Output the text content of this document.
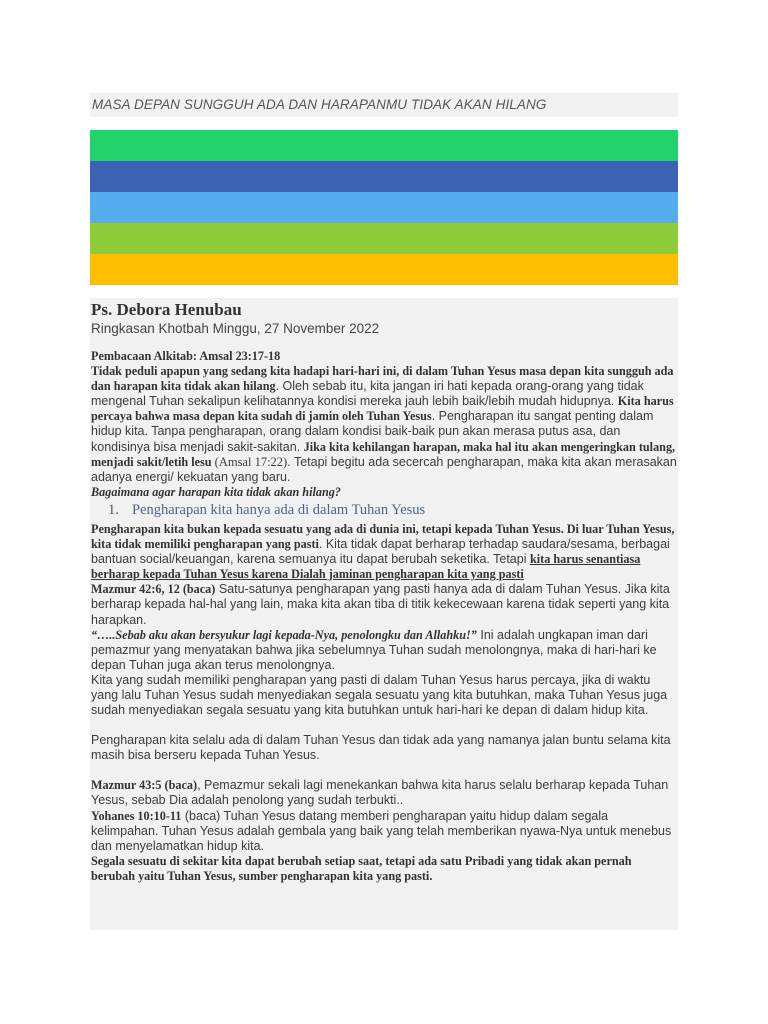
MASA DEPAN SUNGGUH ADA DAN HARAPANMU TIDAK AKAN HILANG
Ps. Debora Henubau
Ringkasan Khotbah Minggu, 27 November 2022

Pembacaan Alkitab: Amsal 23:17-18

Tidak peduli apapun yang sedang kita hadapi hari-hari ini, di dalam Tuhan Yesus masa depan kita sungguh ada dan harapan kita tidak akan hilang. Oleh sebab itu, kita jangan iri hati kepada orang-orang yang tidak mengenal Tuhan sekalipun kelihatannya kondisi mereka jauh lebih baik/lebih mudah hidupnya. Kita harus percaya bahwa masa depan kita sudah di jamin oleh Tuhan Yesus. Pengharapan itu sangat penting dalam hidup kita. Tanpa pengharapan, orang dalam kondisi baik-baik pun akan merasa putus asa, dan kondisinya bisa menjadi sakit-sakitan. Jika kita kehilangan harapan, maka hal itu akan mengeringkan tulang, menjadi sakit/letih lesu (Amsal 17:22). Tetapi begitu ada secercah pengharapan, maka kita akan merasakan adanya energi/ kekuatan yang baru.

Bagaimana agar harapan kita tidak akan hilang?

1. Pengharapan kita hanya ada di dalam Tuhan Yesus

Pengharapan kita bukan kepada sesuatu yang ada di dunia ini, tetapi kepada Tuhan Yesus. Di luar Tuhan Yesus, kita tidak memiliki pengharapan yang pasti. Kita tidak dapat berharap terhadap saudara/sesama, berbagai bantuan social/keuangan, karena semuanya itu dapat berubah seketika. Tetapi kita harus senantiasa berharap kepada Tuhan Yesus karena Dialah jaminan pengharapan kita yang pasti

Mazmur 42:6, 12 (baca) Satu-satunya pengharapan yang pasti hanya ada di dalam Tuhan Yesus. Jika kita berharap kepada hal-hal yang lain, maka kita akan tiba di titik kekecewaan karena tidak seperti yang kita harapkan.

“…..Sebab aku akan bersyukur lagi kepada-Nya, penolongku dan Allahku!” Ini adalah ungkapan iman dari pemazmur yang menyatakan bahwa jika sebelumnya Tuhan sudah menolongnya, maka di hari-hari ke depan Tuhan juga akan terus menolongnya.

Kita yang sudah memiliki pengharapan yang pasti di dalam Tuhan Yesus harus percaya, jika di waktu yang lalu Tuhan Yesus sudah menyediakan segala sesuatu yang kita butuhkan, maka Tuhan Yesus juga sudah menyediakan segala sesuatu yang kita butuhkan untuk hari-hari ke depan di dalam hidup kita.

Pengharapan kita selalu ada di dalam Tuhan Yesus dan tidak ada yang namanya jalan buntu selama kita masih bisa berseru kepada Tuhan Yesus.

Mazmur 43:5 (baca), Pemazmur sekali lagi menekankan bahwa kita harus selalu berharap kepada Tuhan Yesus, sebab Dia adalah penolong yang sudah terbukti..

Yohanes 10:10-11 (baca) Tuhan Yesus datang memberi pengharapan yaitu hidup dalam segala kelimpahan. Tuhan Yesus adalah gembala yang baik yang telah memberikan nyawa-Nya untuk menebus dan menyelamatkan hidup kita.

Segala sesuatu di sekitar kita dapat berubah setiap saat, tetapi ada satu Pribadi yang tidak akan pernah berubah yaitu Tuhan Yesus, sumber pengharapan kita yang pasti.
